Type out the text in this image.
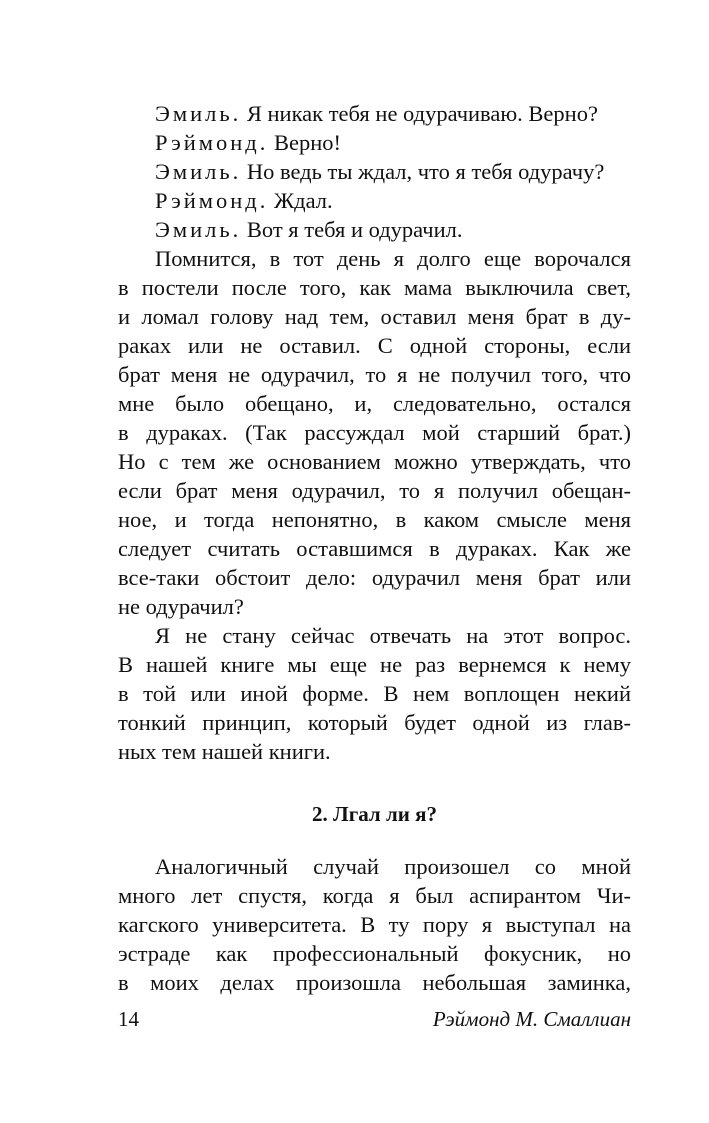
Эмиль. Я никак тебя не одурачиваю. Верно?
Рэймонд. Верно!
Эмиль. Но ведь ты ждал, что я тебя одурачу?
Рэймонд. Ждал.
Эмиль. Вот я тебя и одурачил.
Помнится, в тот день я долго еще ворочался
в постели после того, как мама выключила свет,
и ломал голову над тем, оставил меня брат в ду-
раках или не оставил. С одной стороны, если
брат меня не одурачил, то я не получил того, что
мне было обещано, и, следовательно, остался
в дураках. (Так рассуждал мой старший брат.)
Но с тем же основанием можно утверждать, что
если брат меня одурачил, то я получил обещан-
ное, и тогда непонятно, в каком смысле меня
следует считать оставшимся в дураках. Как же
все-таки обстоит дело: одурачил меня брат или
не одурачил?
Я не стану сейчас отвечать на этот вопрос.
В нашей книге мы еще не раз вернемся к нему
в той или иной форме. В нем воплощен некий
тонкий принцип, который будет одной из глав-
ных тем нашей книги.
2. Лгал ли я?
Аналогичный случай произошел со мной
много лет спустя, когда я был аспирантом Чи-
кагского университета. В ту пору я выступал на
эстраде как профессиональный фокусник, но
в моих делах произошла небольшая заминка,
14	Рэймонд М. Смаллиан
